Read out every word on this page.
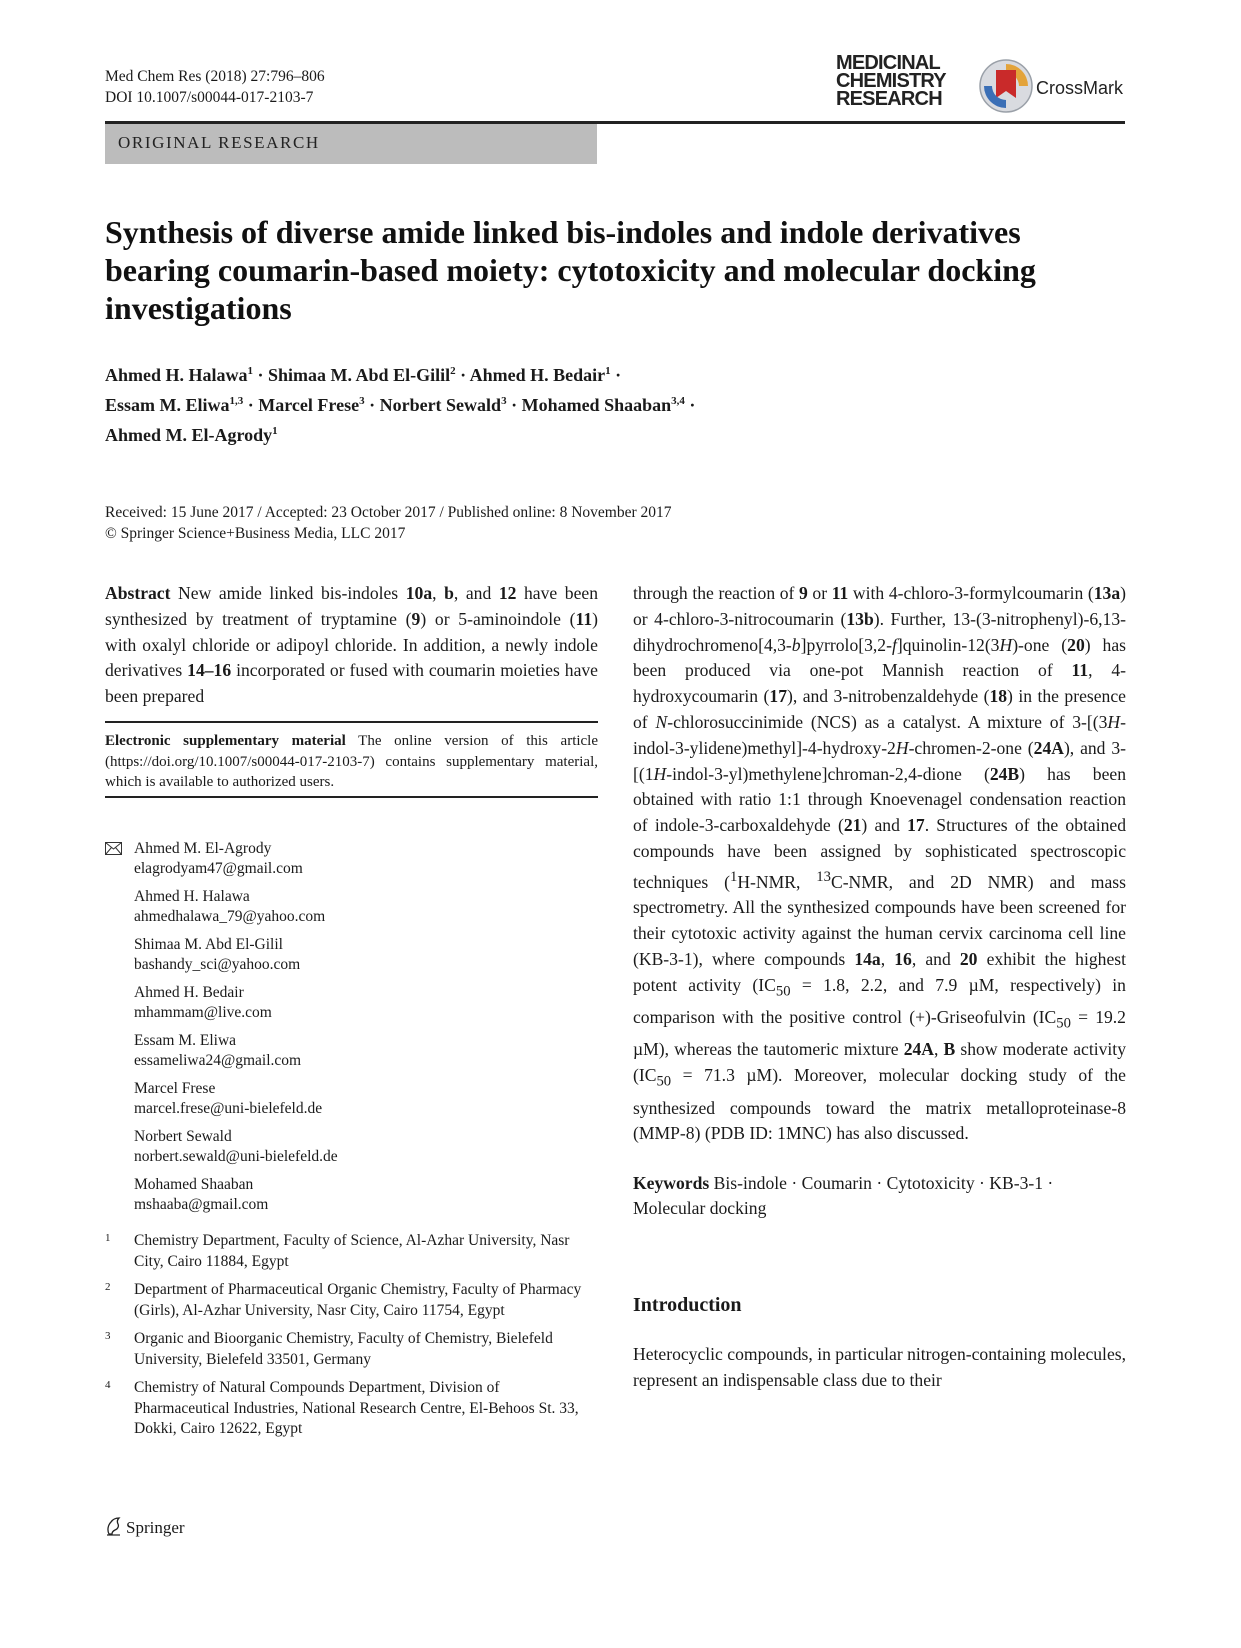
Med Chem Res (2018) 27:796–806
DOI 10.1007/s00044-017-2103-7
MEDICINAL
CHEMISTRY
RESEARCH	CrossMark
ORIGINAL RESEARCH
Synthesis of diverse amide linked bis-indoles and indole derivatives bearing coumarin-based moiety: cytotoxicity and molecular docking investigations
Ahmed H. Halawa$^1$ · Shimaa M. Abd El-Gilil$^2$ · Ahmed H. Bedair$^1$ ·
Essam M. Eliwa$^{1,3}$ · Marcel Frese$^3$ · Norbert Sewald$^3$ · Mohamed Shaaban$^{3,4}$ ·
Ahmed M. El-Agrody$^1$
Received: 15 June 2017 / Accepted: 23 October 2017 / Published online: 8 November 2017
© Springer Science+Business Media, LLC 2017

Abstract New amide linked bis-indoles 10a, b, and 12 have been synthesized by treatment of tryptamine (9) or 5-aminoindole (11) with oxalyl chloride or adipoyl chloride. In addition, a newly indole derivatives 14–16 incorporated or fused with coumarin moieties have been prepared

Electronic supplementary material The online version of this article (https://doi.org/10.1007/s00044-017-2103-7) contains supplementary material, which is available to authorized users.

Ahmed M. El-Agrody
elagrodyam47@gmail.com
Ahmed H. Halawa
ahmedhalawa_79@yahoo.com
Shimaa M. Abd El-Gilil
bashandy_sci@yahoo.com
Ahmed H. Bedair
mhammam@live.com
Essam M. Eliwa
essameliwa24@gmail.com
Marcel Frese
marcel.frese@uni-bielefeld.de
Norbert Sewald
norbert.sewald@uni-bielefeld.de
Mohamed Shaaban
mshaaba@gmail.com
1 Chemistry Department, Faculty of Science, Al-Azhar University, Nasr City, Cairo 11884, Egypt
2 Department of Pharmaceutical Organic Chemistry, Faculty of Pharmacy (Girls), Al-Azhar University, Nasr City, Cairo 11754, Egypt
3 Organic and Bioorganic Chemistry, Faculty of Chemistry, Bielefeld University, Bielefeld 33501, Germany
4 Chemistry of Natural Compounds Department, Division of Pharmaceutical Industries, National Research Centre, El-Behoos St. 33, Dokki, Cairo 12622, Egypt

through the reaction of 9 or 11 with 4-chloro-3-formylcoumarin (13a) or 4-chloro-3-nitrocoumarin (13b). Further, 13-(3-nitrophenyl)-6,13-dihydrochromeno[4,3-b]pyrrolo[3,2-f]quinolin-12(3H)-one (20) has been produced via one-pot Mannish reaction of 11, 4-hydroxycoumarin (17), and 3-nitrobenzaldehyde (18) in the presence of N-chlorosuccinimide (NCS) as a catalyst. A mixture of 3-[(3H-indol-3-ylidene)methyl]-4-hydroxy-2H-chromen-2-one (24A), and 3-[(1H-indol-3-yl)methylene]chroman-2,4-dione (24B) has been obtained with ratio 1:1 through Knoevenagel condensation reaction of indole-3-carboxaldehyde (21) and 17. Structures of the obtained compounds have been assigned by sophisticated spectroscopic techniques ($^1$H-NMR, $^{13}$C-NMR, and 2D NMR) and mass spectrometry. All the synthesized compounds have been screened for their cytotoxic activity against the human cervix carcinoma cell line (KB-3-1), where compounds 14a, 16, and 20 exhibit the highest potent activity ($IC_{50} = 1.8$, 2.2, and 7.9 µM, respectively) in comparison with the positive control (+)-Griseofulvin ($IC_{50} = 19.2$ µM), whereas the tautomeric mixture 24A, B show moderate activity ($IC_{50} = 71.3$ µM). Moreover, molecular docking study of the synthesized compounds toward the matrix metalloproteinase-8 (MMP-8) (PDB ID: 1MNC) has also discussed.

Keywords Bis-indole · Coumarin · Cytotoxicity · KB-3-1 ·
Molecular docking

Introduction

Heterocyclic compounds, in particular nitrogen-containing molecules, represent an indispensable class due to their

Springer
